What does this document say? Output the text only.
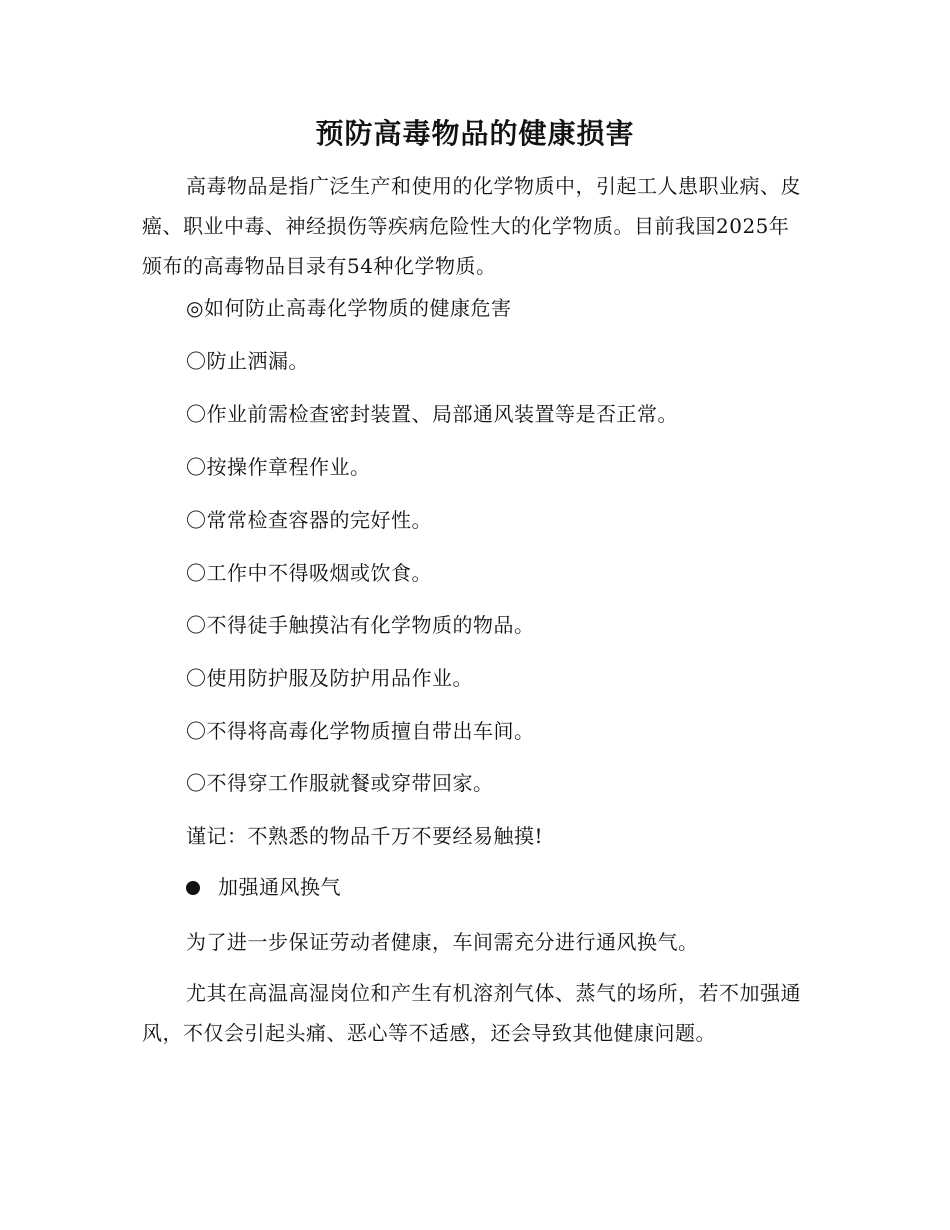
预防高毒物品的健康损害

高毒物品是指广泛生产和使用的化学物质中，引起工人患职业病、皮癌、职业中毒、神经损伤等疾病危险性大的化学物质。目前我国2025年颁布的高毒物品目录有54种化学物质。

◎如何防止高毒化学物质的健康危害
〇防止洒漏。
〇作业前需检查密封装置、局部通风装置等是否正常。
〇按操作章程作业。
〇常常检查容器的完好性。
〇工作中不得吸烟或饮食。
〇不得徒手触摸沾有化学物质的物品。
〇使用防护服及防护用品作业。
〇不得将高毒化学物质擅自带出车间。
〇不得穿工作服就餐或穿带回家。
谨记：不熟悉的物品千万不要经易触摸!
加强通风换气
为了进一步保证劳动者健康，车间需充分进行通风换气。

尤其在高温高湿岗位和产生有机溶剂气体、蒸气的场所，若不加强通风，不仅会引起头痛、恶心等不适感，还会导致其他健康问题。
